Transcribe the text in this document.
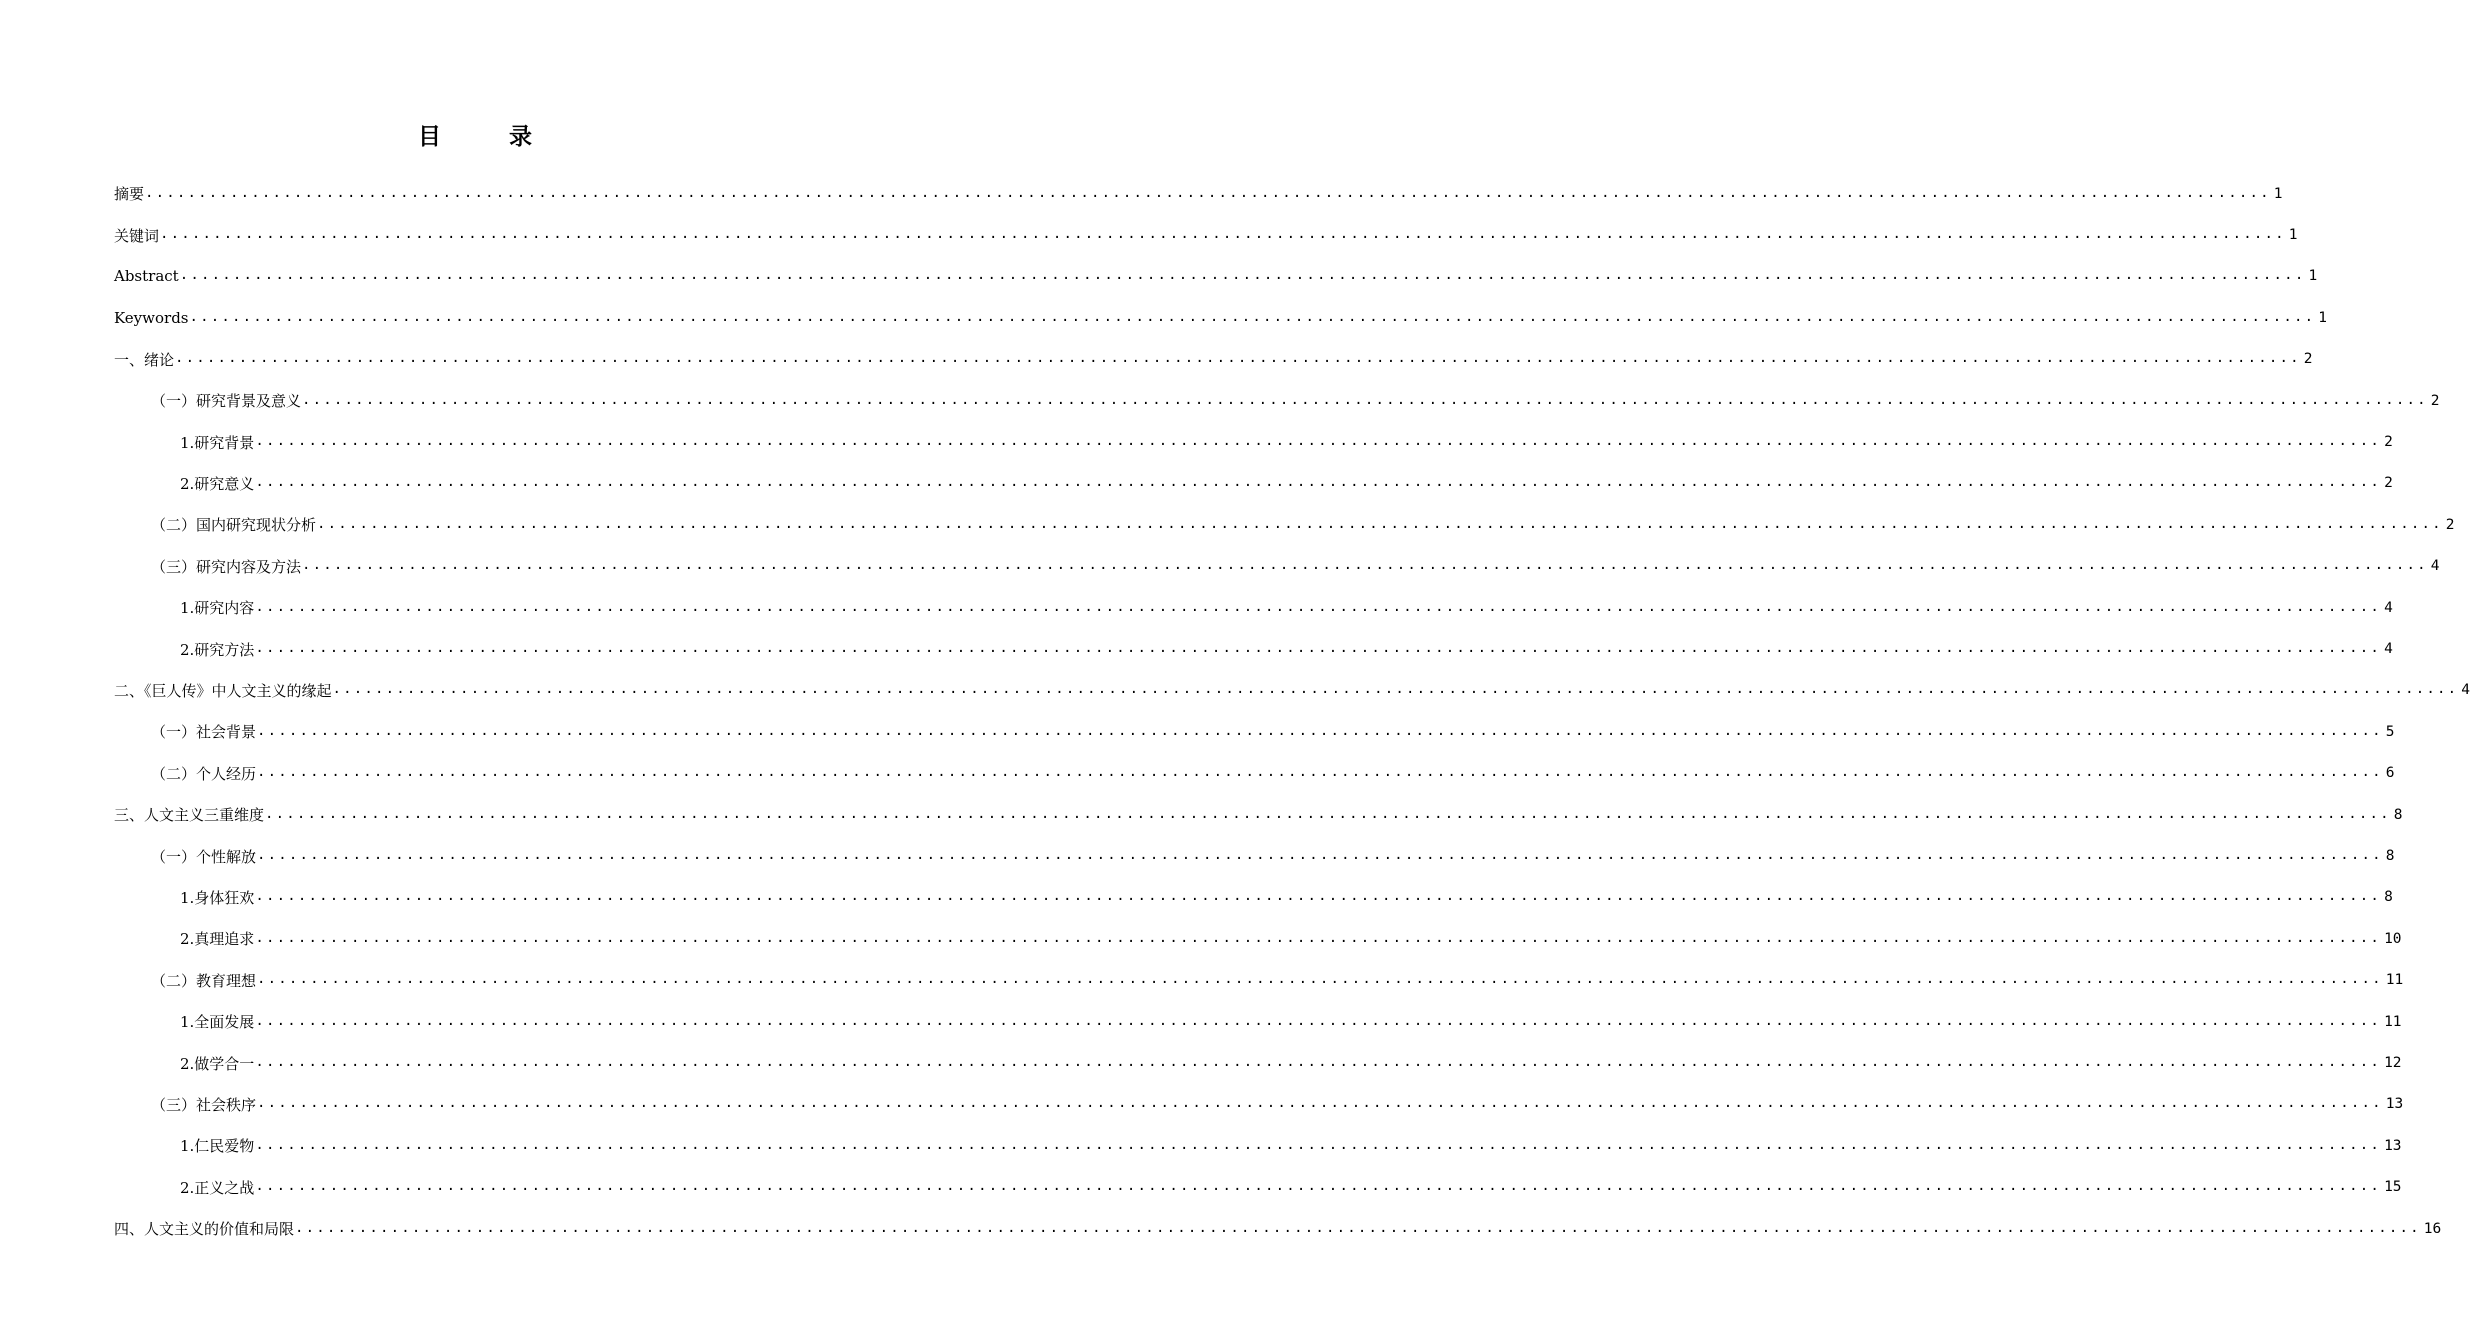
目 录
摘要 ........................................................................................................................................................................................................ 1
关键词 ........................................................................................................................................................................................................ 1
Abstract ........................................................................................................................................................................................................ 1
Keywords ........................................................................................................................................................................................................ 1
一、绪论 ........................................................................................................................................................................................................ 2
（一）研究背景及意义 ........................................................................................................................................................................................................ 2
1.研究背景 ........................................................................................................................................................................................................ 2
2.研究意义 ........................................................................................................................................................................................................ 2
（二）国内研究现状分析 ........................................................................................................................................................................................................ 2
（三）研究内容及方法 ........................................................................................................................................................................................................ 4
1.研究内容 ........................................................................................................................................................................................................ 4
2.研究方法 ........................................................................................................................................................................................................ 4
二、《巨人传》中人文主义的缘起 ........................................................................................................................................................................................................ 4
（一）社会背景 ........................................................................................................................................................................................................ 5
（二）个人经历 ........................................................................................................................................................................................................ 6
三、人文主义三重维度 ........................................................................................................................................................................................................ 8
（一）个性解放 ........................................................................................................................................................................................................ 8
1.身体狂欢 ........................................................................................................................................................................................................ 8
2.真理追求 ........................................................................................................................................................................................................ 10
（二）教育理想 ........................................................................................................................................................................................................ 11
1.全面发展 ........................................................................................................................................................................................................ 11
2.做学合一 ........................................................................................................................................................................................................ 12
（三）社会秩序 ........................................................................................................................................................................................................ 13
1.仁民爱物 ........................................................................................................................................................................................................ 13
2.正义之战 ........................................................................................................................................................................................................ 15
四、人文主义的价值和局限 ........................................................................................................................................................................................................ 16
